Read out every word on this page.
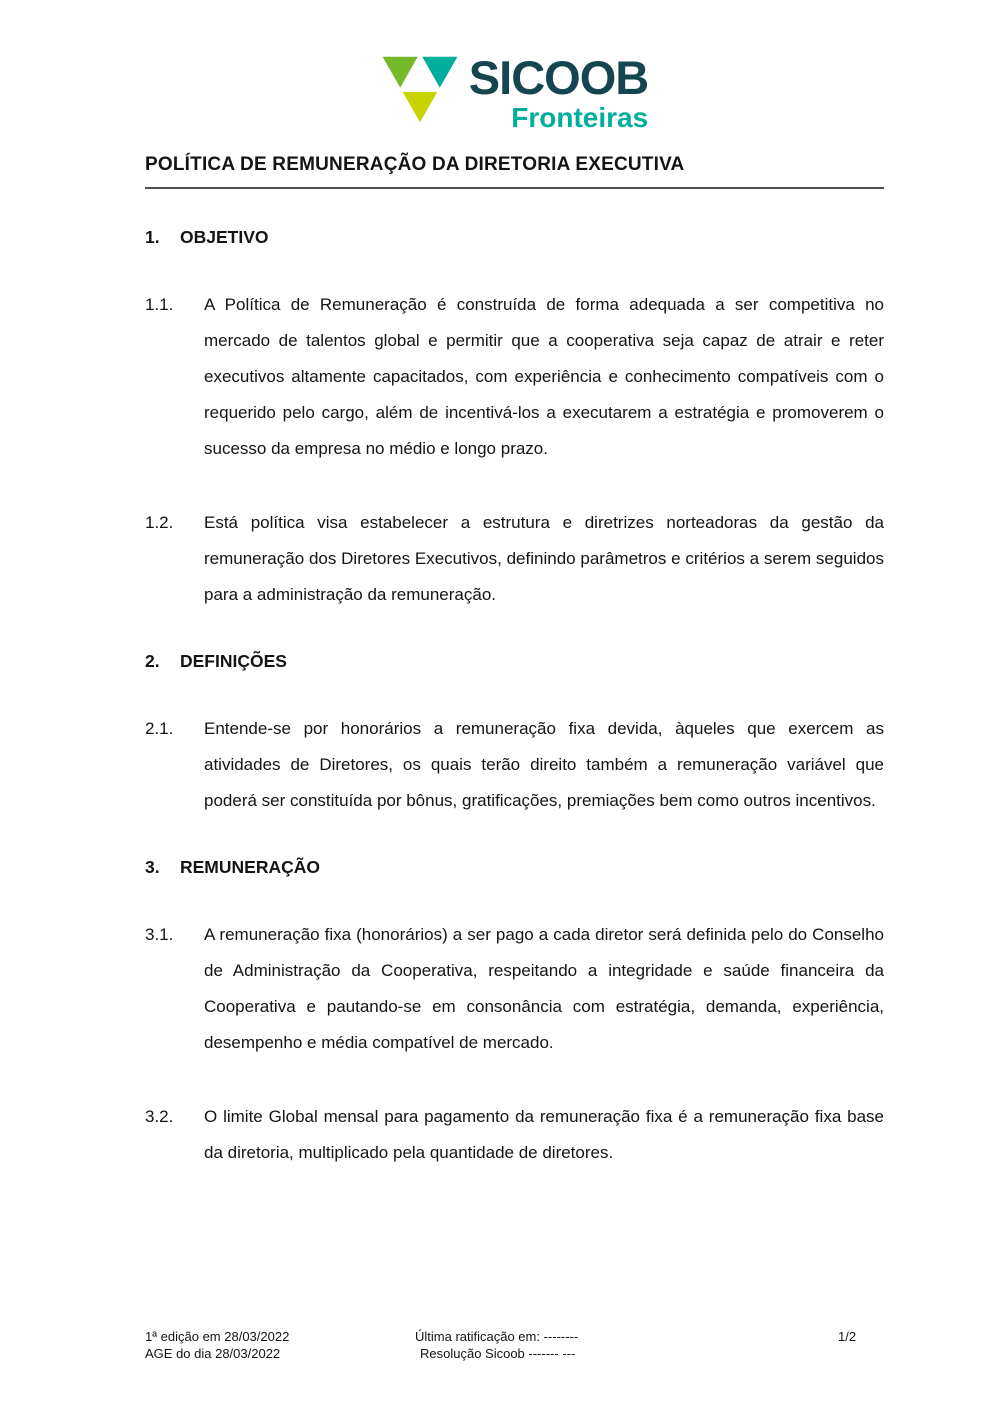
SICOOB
Fronteiras
POLÍTICA DE REMUNERAÇÃO DA DIRETORIA EXECUTIVA
1.	OBJETIVO
1.1.	A Política de Remuneração é construída de forma adequada a ser competitiva no mercado de talentos global e permitir que a cooperativa seja capaz de atrair e reter executivos altamente capacitados, com experiência e conhecimento compatíveis com o requerido pelo cargo, além de incentivá-los a executarem a estratégia e promoverem o sucesso da empresa no médio e longo prazo.
1.2.	Está política visa estabelecer a estrutura e diretrizes norteadoras da gestão da remuneração dos Diretores Executivos, definindo parâmetros e critérios a serem seguidos para a administração da remuneração.
2.	DEFINIÇÕES
2.1.	Entende-se por honorários a remuneração fixa devida, àqueles que exercem as atividades de Diretores, os quais terão direito também a remuneração variável que poderá ser constituída por bônus, gratificações, premiações bem como outros incentivos.
3.	REMUNERAÇÃO
3.1.	A remuneração fixa (honorários) a ser pago a cada diretor será definida pelo do Conselho de Administração da Cooperativa, respeitando a integridade e saúde financeira da Cooperativa e pautando-se em consonância com estratégia, demanda, experiência, desempenho e média compatível de mercado.
3.2.	O limite Global mensal para pagamento da remuneração fixa é a remuneração fixa base da diretoria, multiplicado pela quantidade de diretores.
1ª edição em 28/03/2022
AGE do dia 28/03/2022
Última ratificação em: --------
Resolução Sicoob ------- ---
1/2
